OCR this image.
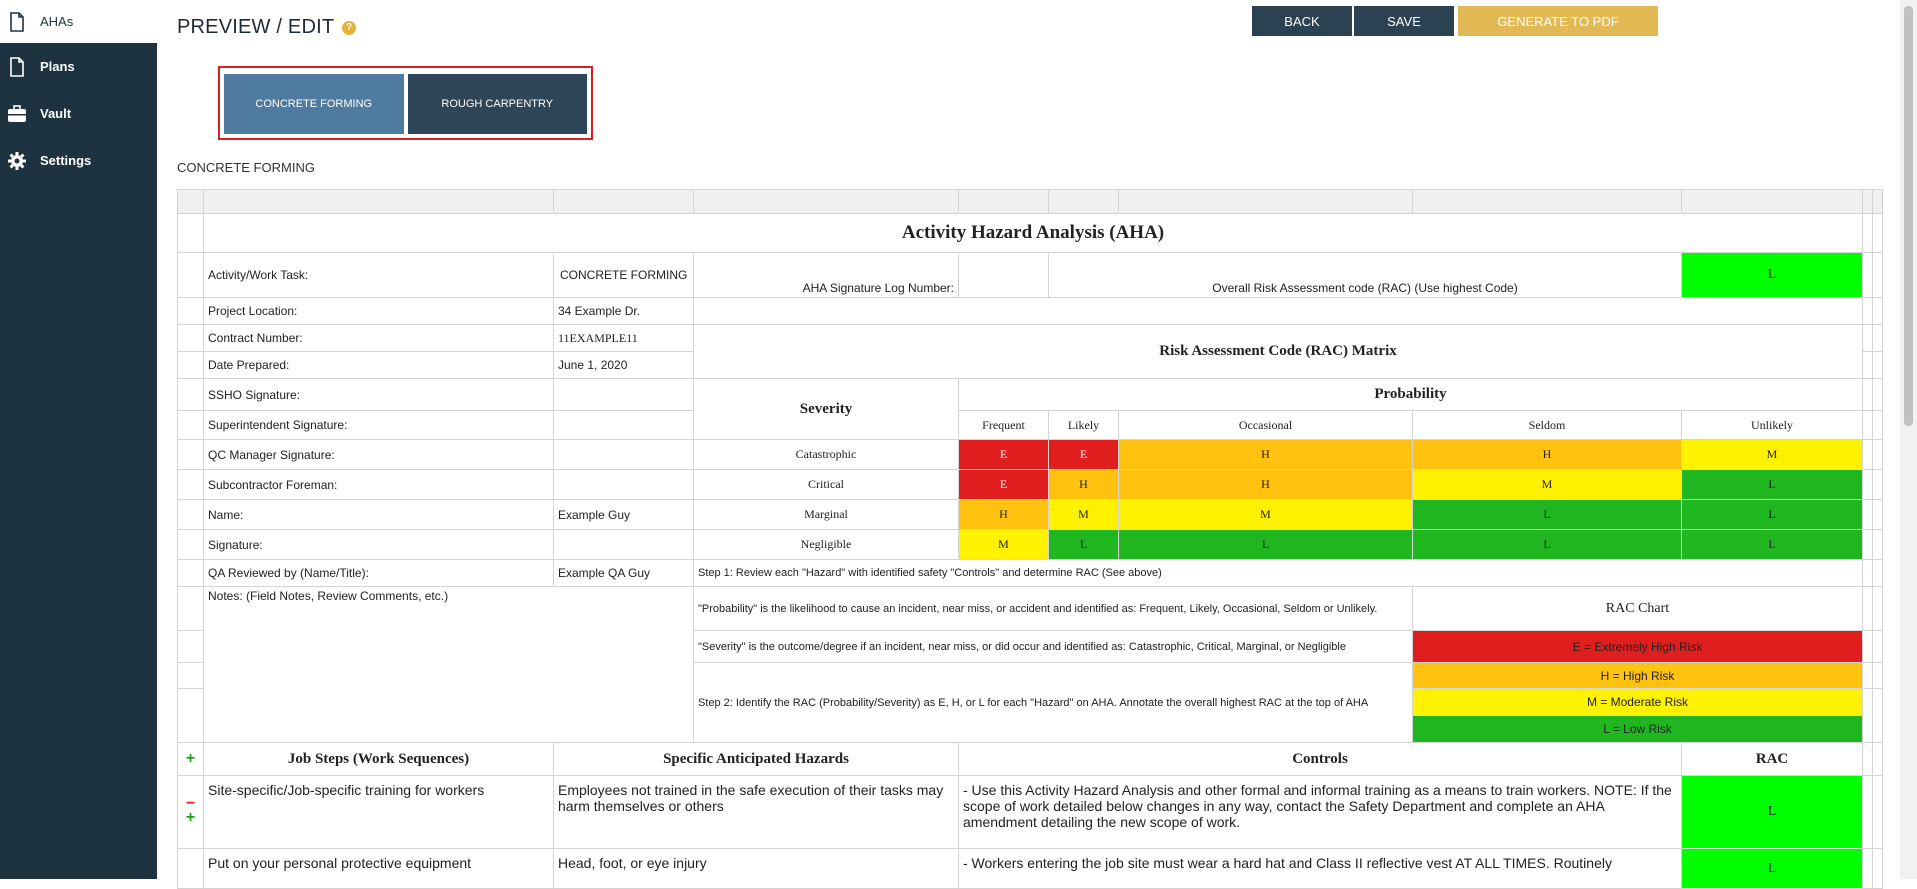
AHAs
Plans
Vault
Settings
PREVIEW / EDIT	?	BACK	SAVE	GENERATE TO PDF
CONCRETE FORMING	ROUGH CARPENTRY
CONCRETE FORMING

	Activity Hazard Analysis (AHA)									
	Activity/Work Task:	CONCRETE FORMING	AHA Signature Log Number:		Overall Risk Assessment code (RAC) (Use highest Code)			L		
	Project Location:	34 Example Dr.								
	Contract Number:	11EXAMPLE11	Risk Assessment Code (RAC) Matrix							
	Date Prepared:	June 1, 2020								
	SSHO Signature:		Severity	Probability						
	Superintendent Signature:			Frequent	Likely	Occasional	Seldom	Unlikely		
	QC Manager Signature:		Catastrophic	E	E	H	H	M		
	Subcontractor Foreman:		Critical	E	H	H	M	L		
	Name:	Example Guy	Marginal	H	M	M	L	L		
	Signature:		Negligible	M	L	L	L	L		
	QA Reviewed by (Name/Title):	Example QA Guy	Step 1: Review each "Hazard" with identified safety "Controls" and determine RAC (See above)							
	Notes: (Field Notes, Review Comments, etc.)		"Probability" is the likelihood to cause an incident, near miss, or accident and identified as: Frequent, Likely, Occasional, Seldom or Unlikely.				RAC Chart			
			"Severity" is the outcome/degree if an incident, near miss, or did occur and identified as: Catastrophic, Critical, Marginal, or Negligible				E = Extremely High Risk			
			Step 2: Identify the RAC (Probability/Severity) as E, H, or L for each "Hazard" on AHA. Annotate the overall highest RAC at the top of AHA				H = High Risk			

							M = Moderate Risk
L = Low Risk			

+	Job Steps (Work Sequences)	Specific Anticipated Hazards		Controls				RAC		

−
+	Site-specific/Job-specific training for workers	Employees not trained in the safe execution of their tasks may harm themselves or others		- Use this Activity Hazard Analysis and other formal and informal training as a means to train workers. NOTE: If the scope of work detailed below changes in any way, contact the Safety Department and complete an AHA amendment detailing the new scope of work.				L		
	Put on your personal protective equipment	Head, foot, or eye injury		- Workers entering the job site must wear a hard hat and Class II reflective vest AT ALL TIMES. Routinely				L		
